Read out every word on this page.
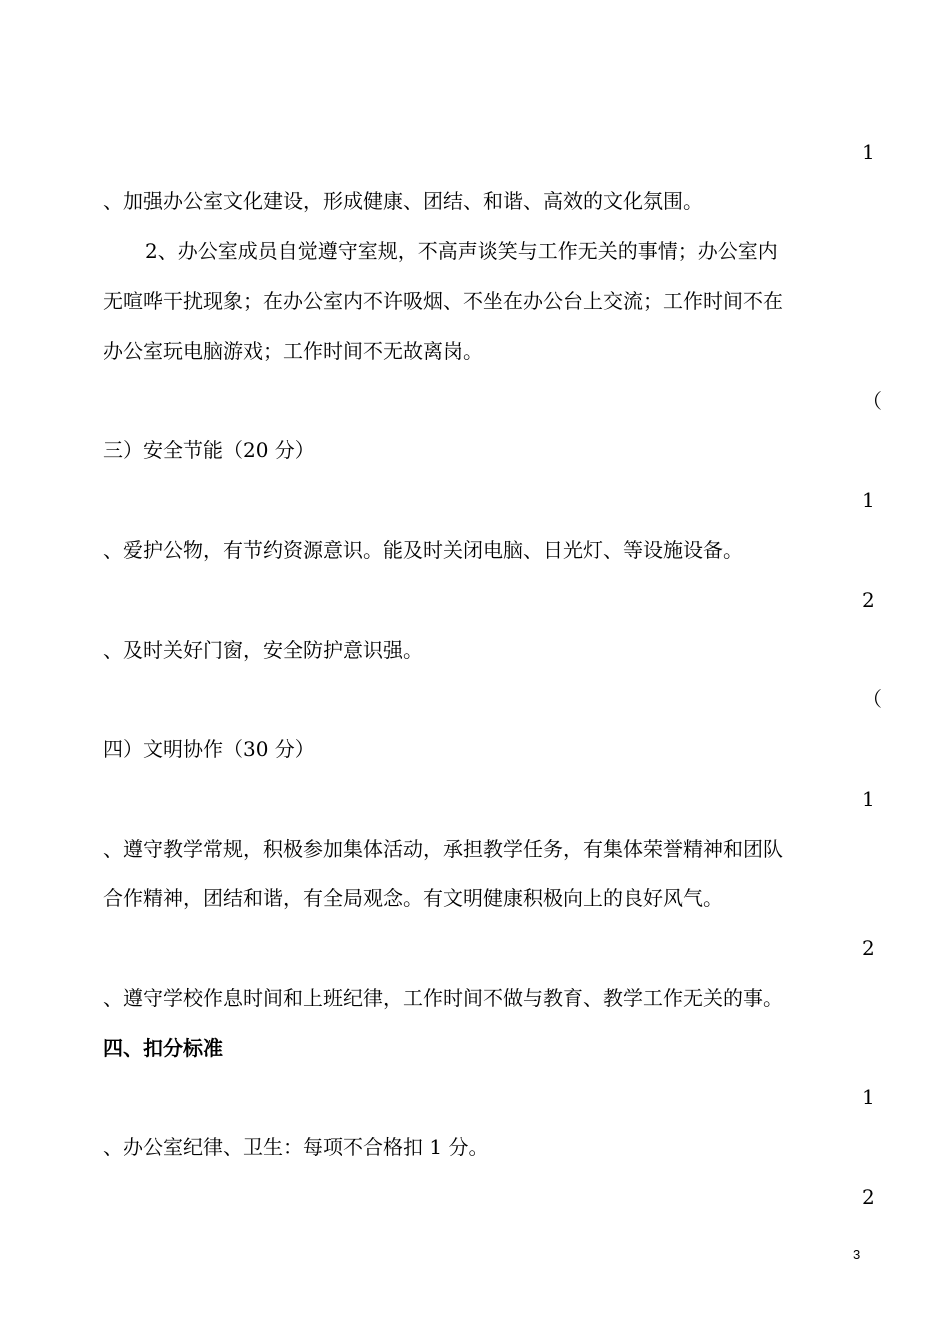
1
、加强办公室文化建设，形成健康、团结、和谐、高效的文化氛围。
2、办公室成员自觉遵守室规，不高声谈笑与工作无关的事情；办公室内
无喧哗干扰现象；在办公室内不许吸烟、不坐在办公台上交流；工作时间不在
办公室玩电脑游戏；工作时间不无故离岗。
（
三）安全节能（20 分）
1
、爱护公物，有节约资源意识。能及时关闭电脑、日光灯、等设施设备。
2
、及时关好门窗，安全防护意识强。
（
四）文明协作（30 分）
1
、遵守教学常规，积极参加集体活动，承担教学任务，有集体荣誉精神和团队
合作精神，团结和谐，有全局观念。有文明健康积极向上的良好风气。
2
、遵守学校作息时间和上班纪律，工作时间不做与教育、教学工作无关的事。
四、扣分标准
1
、办公室纪律、卫生：每项不合格扣 1 分。
2
3
